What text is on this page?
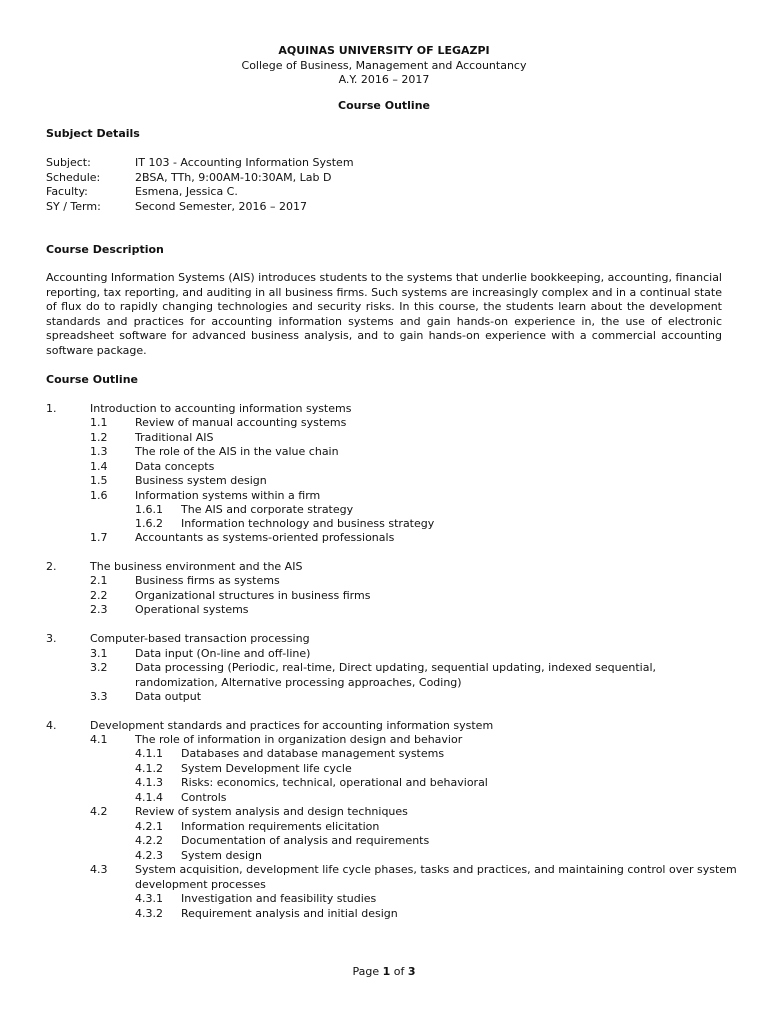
AQUINAS UNIVERSITY OF LEGAZPI
College of Business, Management and Accountancy
A.Y. 2016 – 2017
Course Outline
Subject Details
Subject:	IT 103 - Accounting Information System
Schedule:	2BSA, TTh, 9:00AM-10:30AM, Lab D
Faculty:	Esmena, Jessica C.
SY / Term:	Second Semester, 2016 – 2017
Course Description

Accounting Information Systems (AIS) introduces students to the systems that underlie bookkeeping, accounting, financial reporting, tax reporting, and auditing in all business firms. Such systems are increasingly complex and in a continual state of flux do to rapidly changing technologies and security risks. In this course, the students learn about the development standards and practices for accounting information systems and gain hands-on experience in, the use of electronic spreadsheet software for advanced business analysis, and to gain hands-on experience with a commercial accounting software package.

Course Outline
1.	Introduction to accounting information systems
1.1	Review of manual accounting systems
1.2	Traditional AIS
1.3	The role of the AIS in the value chain
1.4	Data concepts
1.5	Business system design
1.6	Information systems within a firm
1.6.1 The AIS and corporate strategy
1.6.2 Information technology and business strategy
1.7	Accountants as systems-oriented professionals
2.	The business environment and the AIS
2.1	Business firms as systems
2.2	Organizational structures in business firms
2.3	Operational systems
3.	Computer-based transaction processing
3.1	Data input (On-line and off-line)
3.2	Data processing (Periodic, real-time, Direct updating, sequential updating, indexed sequential,
randomization, Alternative processing approaches, Coding)
3.3	Data output
4.	Development standards and practices for accounting information system
4.1	The role of information in organization design and behavior
4.1.1 Databases and database management systems
4.1.2 System Development life cycle
4.1.3 Risks: economics, technical, operational and behavioral
4.1.4 Controls
4.2	Review of system analysis and design techniques
4.2.1 Information requirements elicitation
4.2.2 Documentation of analysis and requirements
4.2.3 System design
4.3	System acquisition, development life cycle phases, tasks and practices, and maintaining control over system
development processes
4.3.1 Investigation and feasibility studies
4.3.2 Requirement analysis and initial design
Page 1 of 3
